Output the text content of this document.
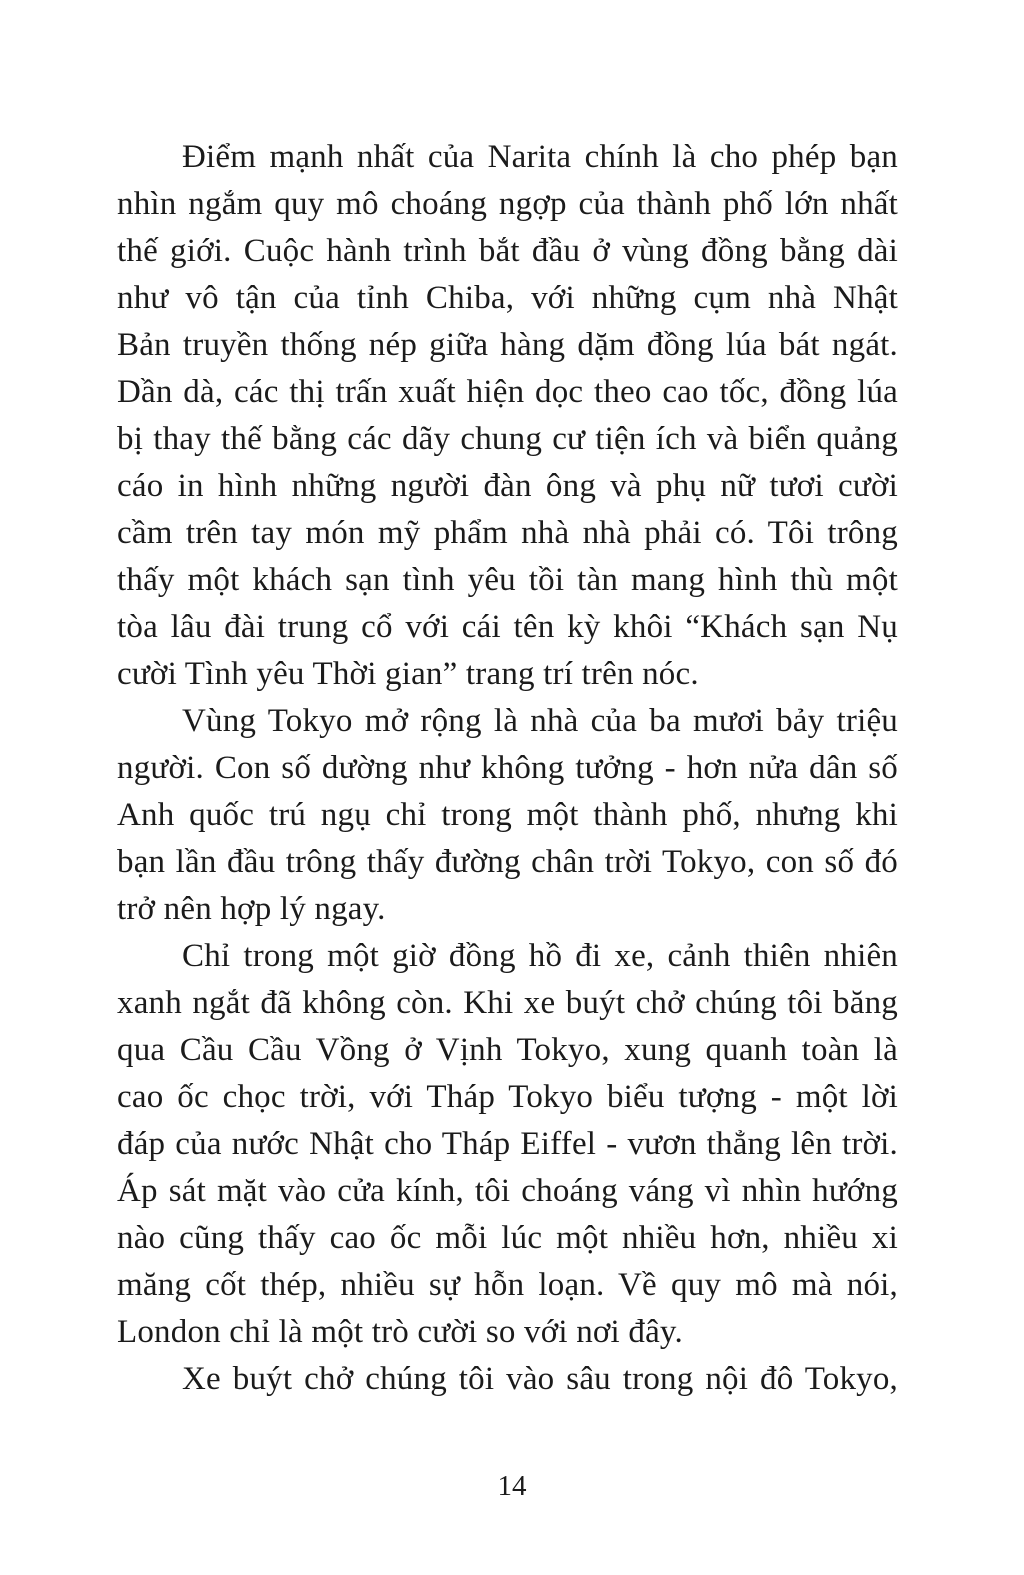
Điểm mạnh nhất của Narita chính là cho phép bạn
nhìn ngắm quy mô choáng ngợp của thành phố lớn nhất
thế giới. Cuộc hành trình bắt đầu ở vùng đồng bằng dài
như vô tận của tỉnh Chiba, với những cụm nhà Nhật
Bản truyền thống nép giữa hàng dặm đồng lúa bát ngát.
Dần dà, các thị trấn xuất hiện dọc theo cao tốc, đồng lúa
bị thay thế bằng các dãy chung cư tiện ích và biển quảng
cáo in hình những người đàn ông và phụ nữ tươi cười
cầm trên tay món mỹ phẩm nhà nhà phải có. Tôi trông
thấy một khách sạn tình yêu tồi tàn mang hình thù một
tòa lâu đài trung cổ với cái tên kỳ khôi “Khách sạn Nụ
cười Tình yêu Thời gian” trang trí trên nóc.
Vùng Tokyo mở rộng là nhà của ba mươi bảy triệu
người. Con số dường như không tưởng - hơn nửa dân số
Anh quốc trú ngụ chỉ trong một thành phố, nhưng khi
bạn lần đầu trông thấy đường chân trời Tokyo, con số đó
trở nên hợp lý ngay.
Chỉ trong một giờ đồng hồ đi xe, cảnh thiên nhiên
xanh ngắt đã không còn. Khi xe buýt chở chúng tôi băng
qua Cầu Cầu Vồng ở Vịnh Tokyo, xung quanh toàn là
cao ốc chọc trời, với Tháp Tokyo biểu tượng - một lời
đáp của nước Nhật cho Tháp Eiffel - vươn thẳng lên trời.
Áp sát mặt vào cửa kính, tôi choáng váng vì nhìn hướng
nào cũng thấy cao ốc mỗi lúc một nhiều hơn, nhiều xi
măng cốt thép, nhiều sự hỗn loạn. Về quy mô mà nói,
London chỉ là một trò cười so với nơi đây.
Xe buýt chở chúng tôi vào sâu trong nội đô Tokyo,
14
